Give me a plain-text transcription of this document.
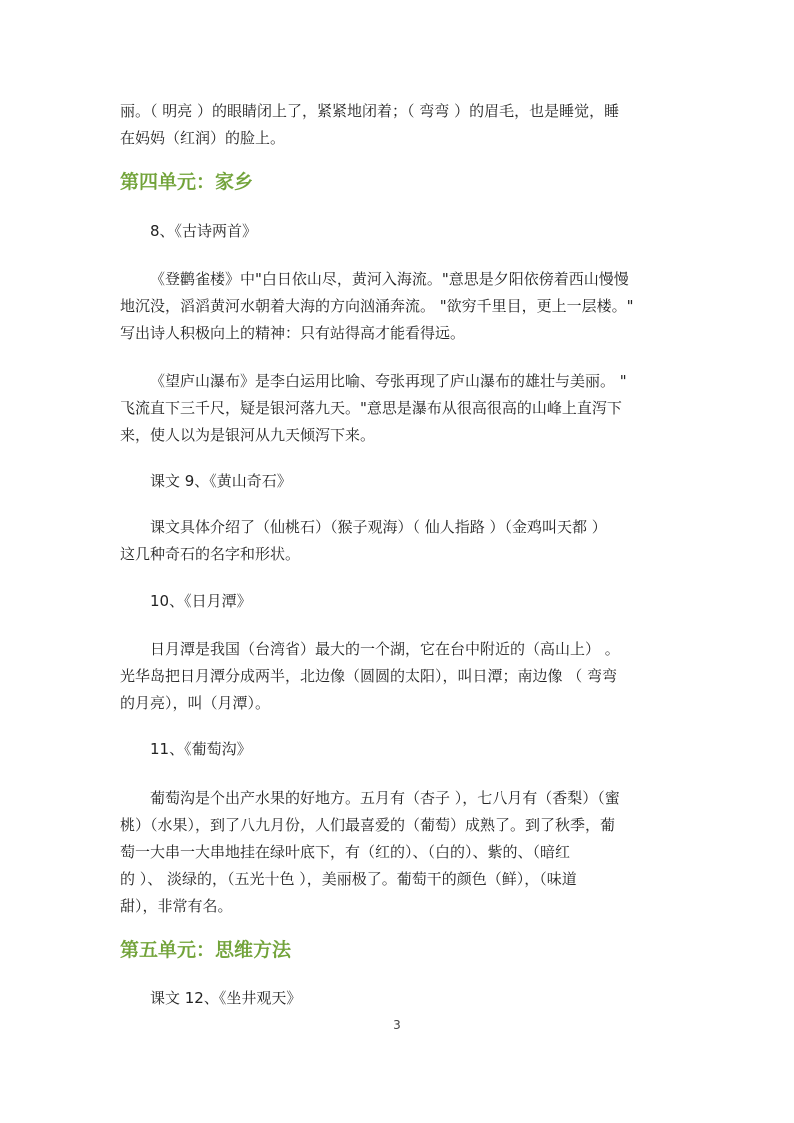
丽。（ 明亮 ）的眼睛闭上了，紧紧地闭着；（ 弯弯 ）的眉毛，也是睡觉，睡
在妈妈（红润）的脸上。
第四单元：家乡
8、《古诗两首》
《登鹳雀楼》中"白日依山尽，黄河入海流。"意思是夕阳依傍着西山慢慢
地沉没，滔滔黄河水朝着大海的方向汹涌奔流。 "欲穷千里目，更上一层楼。"
写出诗人积极向上的精神：只有站得高才能看得远。
《望庐山瀑布》是李白运用比喻、夸张再现了庐山瀑布的雄壮与美丽。 "
飞流直下三千尺，疑是银河落九天。"意思是瀑布从很高很高的山峰上直泻下
来，使人以为是银河从九天倾泻下来。
课文 9、《黄山奇石》
课文具体介绍了（仙桃石）（猴子观海）（ 仙人指路 ）（金鸡叫天都 ）
这几种奇石的名字和形状。
10、《日月潭》
日月潭是我国（台湾省）最大的一个湖，它在台中附近的（高山上） 。
光华岛把日月潭分成两半，北边像（圆圆的太阳），叫日潭；南边像 （ 弯弯
的月亮），叫（月潭）。
11、《葡萄沟》
葡萄沟是个出产水果的好地方。五月有（杏子 ），七八月有（香梨）（蜜
桃）（水果），到了八九月份，人们最喜爱的（葡萄）成熟了。到了秋季，葡
萄一大串一大串地挂在绿叶底下，有（红的）、（白的）、紫的、（暗红
的 ）、 淡绿的，（五光十色 ），美丽极了。葡萄干的颜色（鲜），（味道
甜），非常有名。
第五单元：思维方法
课文 12、《坐井观天》
3
